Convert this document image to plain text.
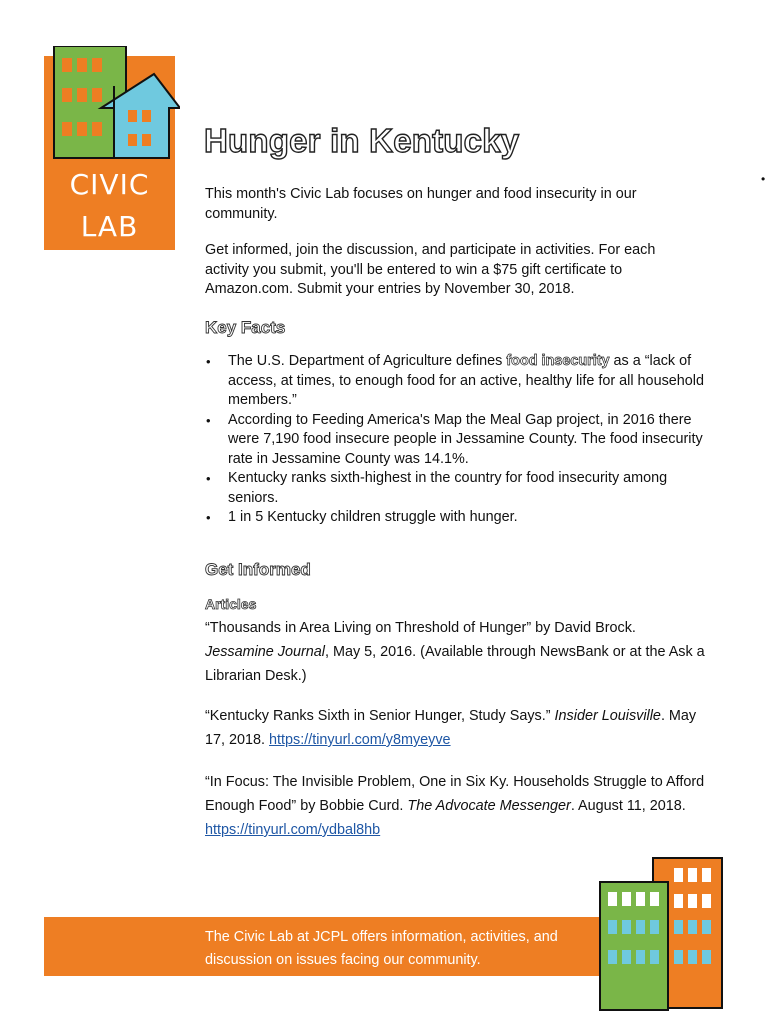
CIVIC
LAB
Hunger in Kentucky
•

This month's Civic Lab focuses on hunger and food insecurity in our community.

Get informed, join the discussion, and participate in activities. For each activity you submit, you'll be entered to win a $75 gift certificate to Amazon.com. Submit your entries by November 30, 2018.

Key Facts
• The U.S. Department of Agriculture defines food insecurity as a “lack of access, at times, to enough food for an active, healthy life for all household members.”
• According to Feeding America's Map the Meal Gap project, in 2016 there were 7,190 food insecure people in Jessamine County. The food insecurity rate in Jessamine County was 14.1%.
• Kentucky ranks sixth-highest in the country for food insecurity among seniors.
• 1 in 5 Kentucky children struggle with hunger.
Get Informed
Articles

“Thousands in Area Living on Threshold of Hunger” by David Brock.
Jessamine Journal, May 5, 2016. (Available through NewsBank or at the Ask a Librarian Desk.)

“Kentucky Ranks Sixth in Senior Hunger, Study Says.” Insider Louisville. May 17, 2018. https://tinyurl.com/y8myeyve

“In Focus: The Invisible Problem, One in Six Ky. Households Struggle to Afford Enough Food” by Bobbie Curd. The Advocate Messenger. August 11, 2018.
https://tinyurl.com/ydbal8hb

The Civic Lab at JCPL offers information, activities, and discussion on issues facing our community.
